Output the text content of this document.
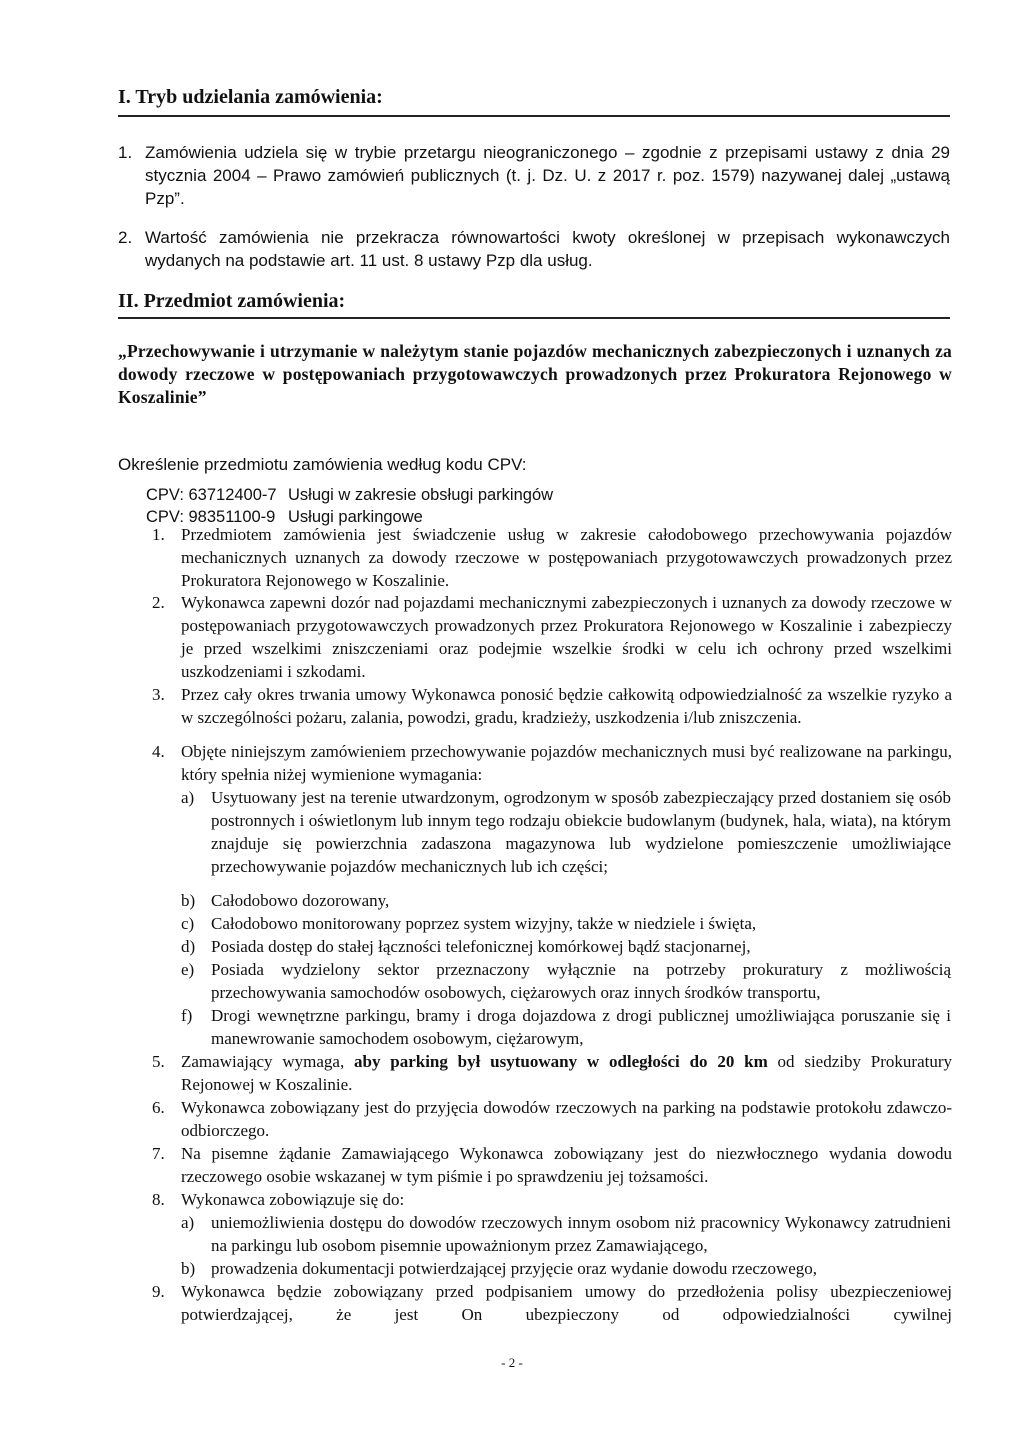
I. Tryb udzielania zamówienia:
1. Zamówienia udziela się w trybie przetargu nieograniczonego – zgodnie z przepisami ustawy z dnia 29 stycznia 2004 – Prawo zamówień publicznych (t. j. Dz. U. z 2017 r. poz. 1579) nazywanej dalej „ustawą Pzp”.
2. Wartość zamówienia nie przekracza równowartości kwoty określonej w przepisach wykonawczych wydanych na podstawie art. 11 ust. 8 ustawy Pzp dla usług.
II. Przedmiot zamówienia:
„Przechowywanie i utrzymanie w należytym stanie pojazdów mechanicznych zabezpieczonych i uznanych za dowody rzeczowe w postępowaniach przygotowawczych prowadzonych przez Prokuratora Rejonowego w Koszalinie”
Określenie przedmiotu zamówienia według kodu CPV:
CPV: 63712400-7 Usługi w zakresie obsługi parkingów
CPV: 98351100-9 Usługi parkingowe
1. Przedmiotem zamówienia jest świadczenie usług w zakresie całodobowego przechowywania pojazdów mechanicznych uznanych za dowody rzeczowe w postępowaniach przygotowawczych prowadzonych przez Prokuratora Rejonowego w Koszalinie.
2. Wykonawca zapewni dozór nad pojazdami mechanicznymi zabezpieczonych i uznanych za dowody rzeczowe w postępowaniach przygotowawczych prowadzonych przez Prokuratora Rejonowego w Koszalinie i zabezpieczy je przed wszelkimi zniszczeniami oraz podejmie wszelkie środki w celu ich ochrony przed wszelkimi uszkodzeniami i szkodami.
3. Przez cały okres trwania umowy Wykonawca ponosić będzie całkowitą odpowiedzialność za wszelkie ryzyko a w szczególności pożaru, zalania, powodzi, gradu, kradzieży, uszkodzenia i/lub zniszczenia.
4. Objęte niniejszym zamówieniem przechowywanie pojazdów mechanicznych musi być realizowane na parkingu, który spełnia niżej wymienione wymagania:
a) Usytuowany jest na terenie utwardzonym, ogrodzonym w sposób zabezpieczający przed dostaniem się osób postronnych i oświetlonym lub innym tego rodzaju obiekcie budowlanym (budynek, hala, wiata), na którym znajduje się powierzchnia zadaszona magazynowa lub wydzielone pomieszczenie umożliwiające przechowywanie pojazdów mechanicznych lub ich części;
b) Całodobowo dozorowany,
c) Całodobowo monitorowany poprzez system wizyjny, także w niedziele i święta,
d) Posiada dostęp do stałej łączności telefonicznej komórkowej bądź stacjonarnej,
e) Posiada wydzielony sektor przeznaczony wyłącznie na potrzeby prokuratury z możliwością przechowywania samochodów osobowych, ciężarowych oraz innych środków transportu,
f) Drogi wewnętrzne parkingu, bramy i droga dojazdowa z drogi publicznej umożliwiająca poruszanie się i manewrowanie samochodem osobowym, ciężarowym,
5. Zamawiający wymaga, aby parking był usytuowany w odległości do 20 km od siedziby Prokuratury Rejonowej w Koszalinie.
6. Wykonawca zobowiązany jest do przyjęcia dowodów rzeczowych na parking na podstawie protokołu zdawczo-odbiorczego.
7. Na pisemne żądanie Zamawiającego Wykonawca zobowiązany jest do niezwłocznego wydania dowodu rzeczowego osobie wskazanej w tym piśmie i po sprawdzeniu jej tożsamości.
8. Wykonawca zobowiązuje się do:
a) uniemożliwienia dostępu do dowodów rzeczowych innym osobom niż pracownicy Wykonawcy zatrudnieni na parkingu lub osobom pisemnie upoważnionym przez Zamawiającego,
b) prowadzenia dokumentacji potwierdzającej przyjęcie oraz wydanie dowodu rzeczowego,
9. Wykonawca będzie zobowiązany przed podpisaniem umowy do przedłożenia polisy ubezpieczeniowej potwierdzającej, że jest On ubezpieczony od odpowiedzialności cywilnej
- 2 -
